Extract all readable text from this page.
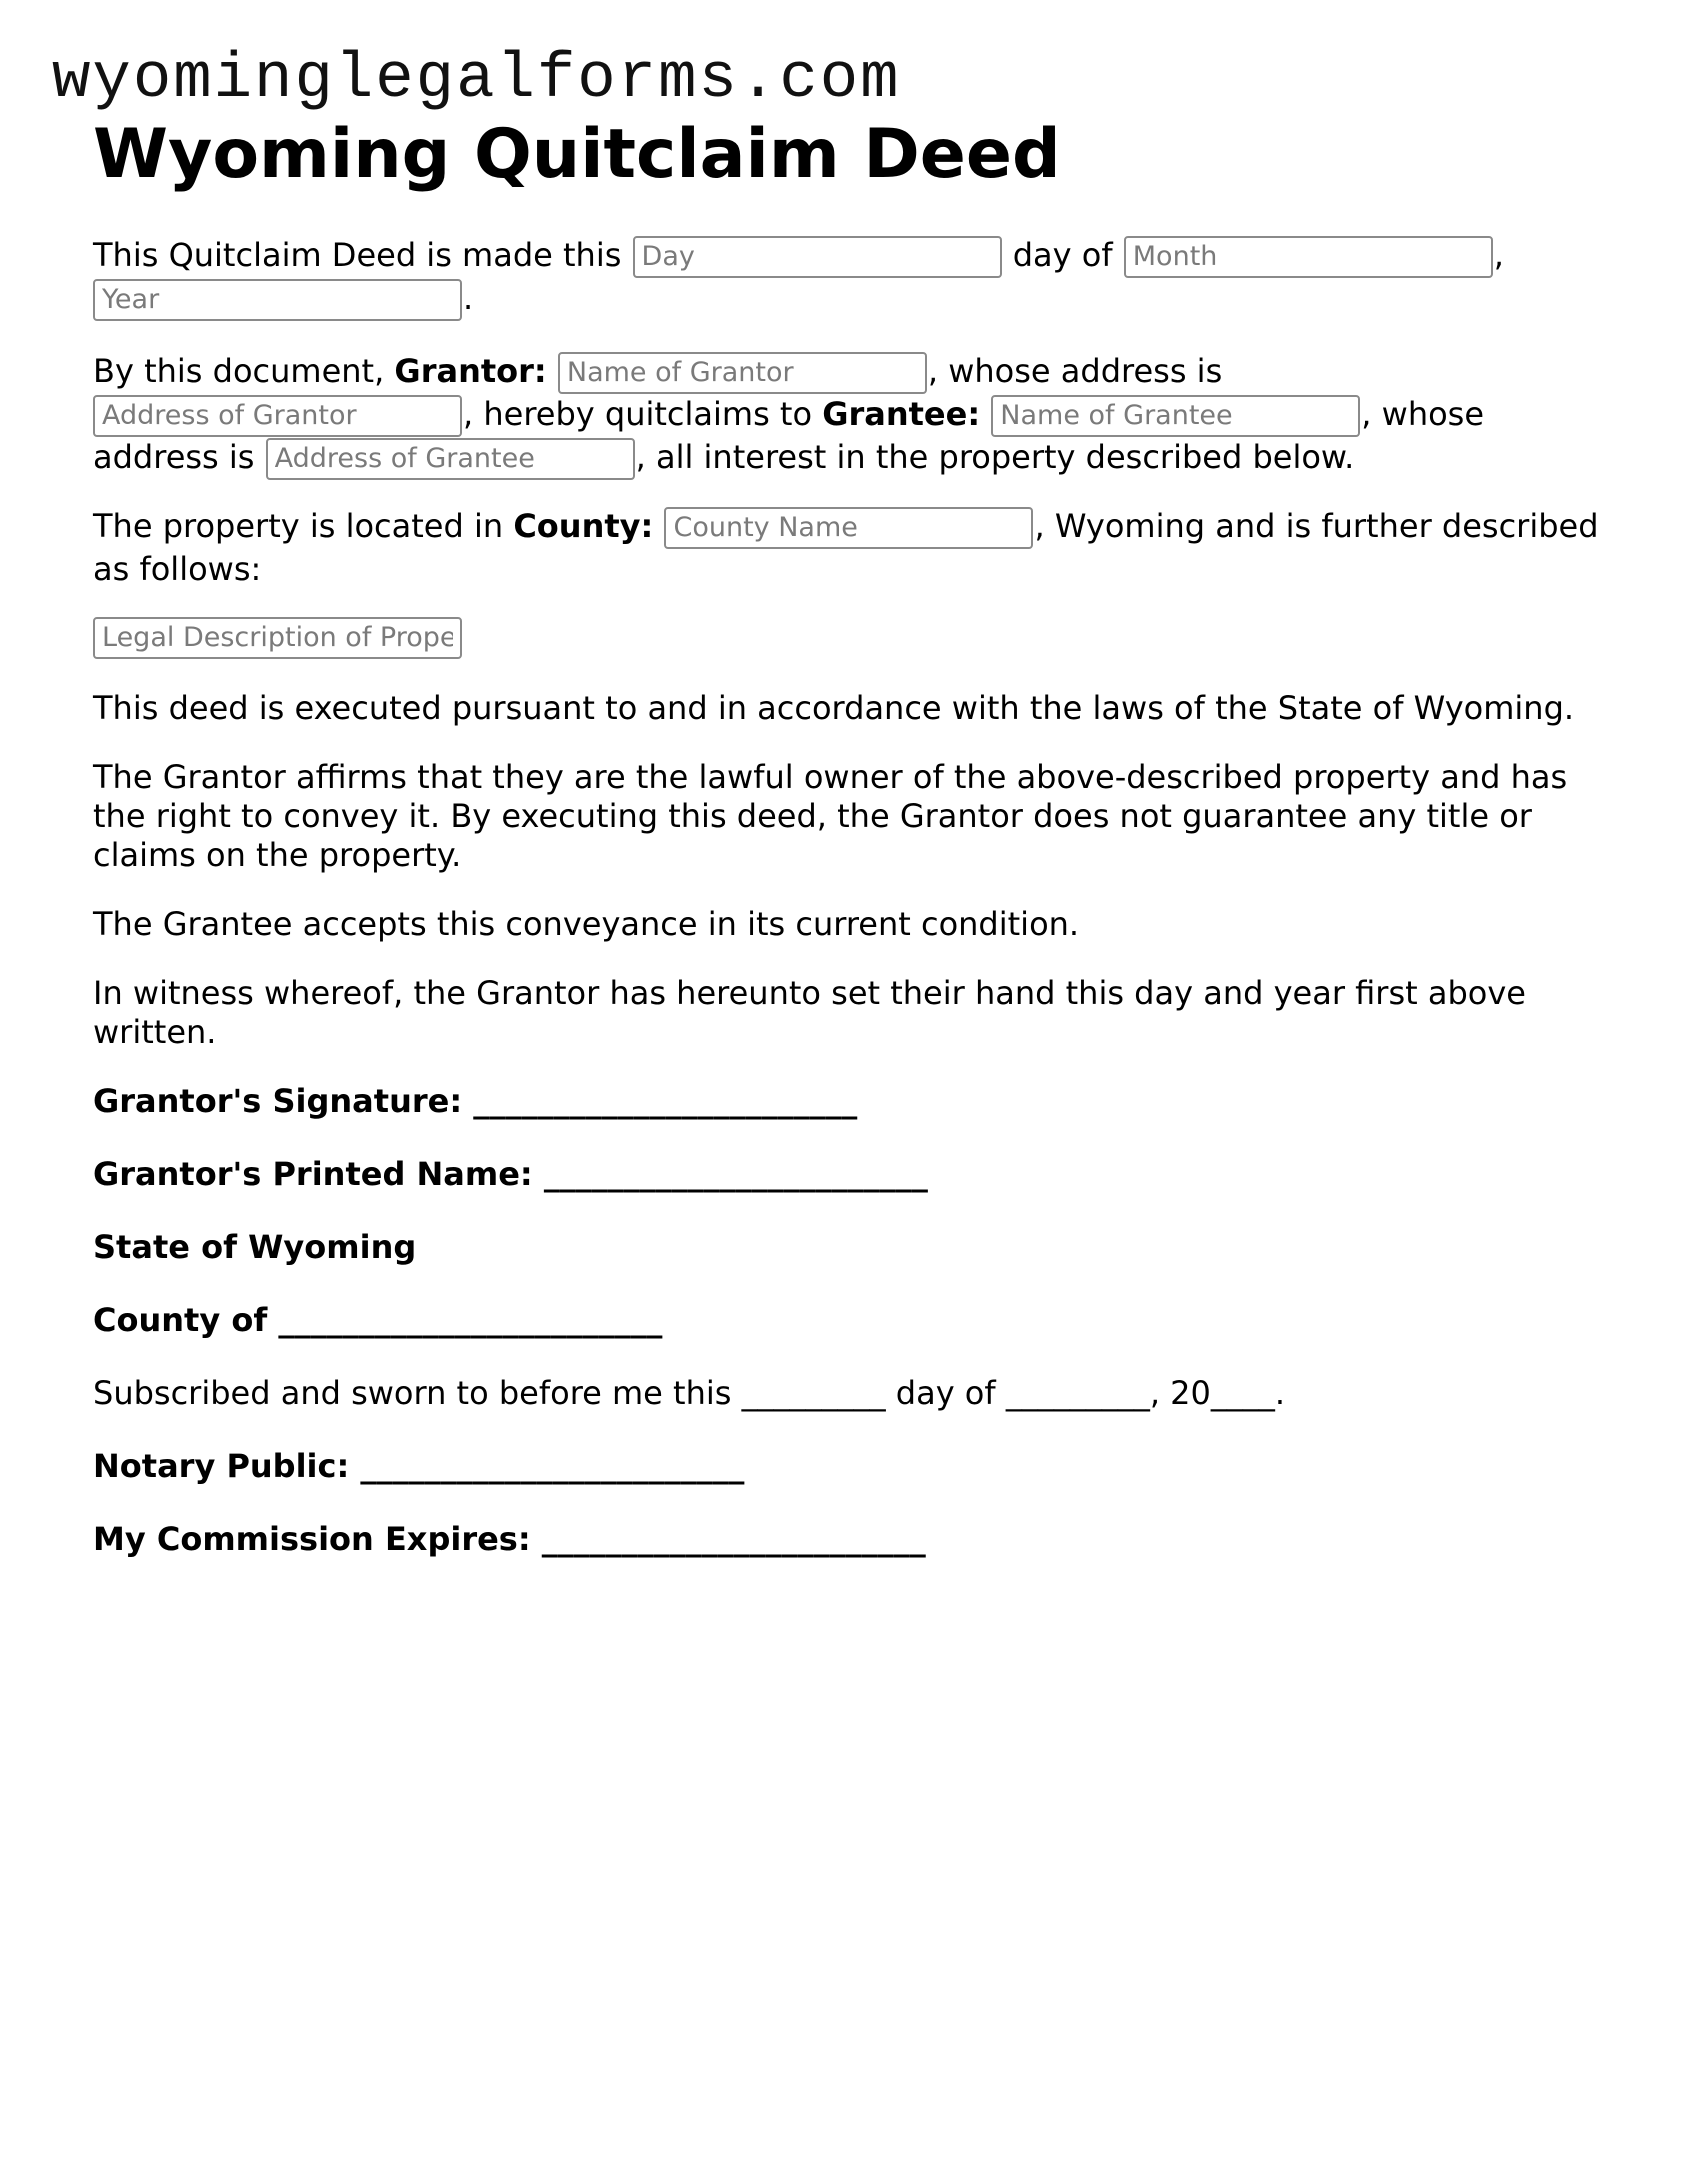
wyominglegalforms.com
Wyoming Quitclaim Deed

This Quitclaim Deed is made this Day	day of Month	,
Year.

By this document, Grantor: Name of Grantor	, whose address is
Address of Grantor, hereby quitclaims to Grantee: Name of Grantee	, whose address is Address of Grantee	, all interest in the property described below.

The property is located in County: County Name	, Wyoming and is further described as follows:

Legal Description of Property

This deed is executed pursuant to and in accordance with the laws of the State of Wyoming.

The Grantor affirms that they are the lawful owner of the above-described property and has the right to convey it. By executing this deed, the Grantor does not guarantee any title or claims on the property.

The Grantee accepts this conveyance in its current condition.

In witness whereof, the Grantor has hereunto set their hand this day and year first above written.

Grantor's Signature: ________________________

Grantor's Printed Name: ________________________

State of Wyoming

County of ________________________

Subscribed and sworn to before me this _________ day of _________, 20____.

Notary Public: ________________________

My Commission Expires: ________________________
